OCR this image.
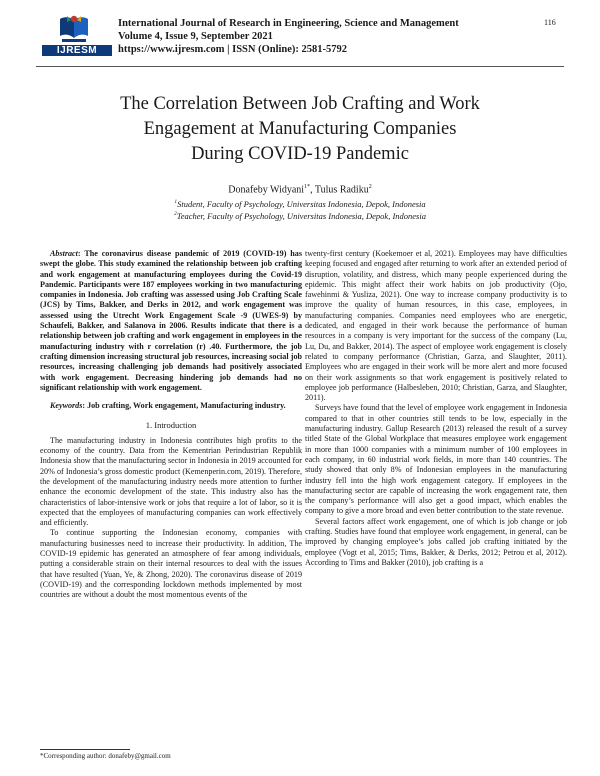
IJRESM
International Journal of Research in Engineering, Science and Management
Volume 4, Issue 9, September 2021
https://www.ijresm.com | ISSN (Online): 2581-5792
116
The Correlation Between Job Crafting and Work
Engagement at Manufacturing Companies
During COVID-19 Pandemic
Donafeby Widyani$^{1*}$, Tulus Radiku$^2$
$^1$Student, Faculty of Psychology, Universitas Indonesia, Depok, Indonesia
$^2$Teacher, Faculty of Psychology, Universitas Indonesia, Depok, Indonesia

Abstract: The coronavirus disease pandemic of 2019 (COVID-19) has swept the globe. This study examined the relationship between job crafting and work engagement at manufacturing employees during the Covid-19 Pandemic. Participants were 187 employees working in two manufacturing companies in Indonesia. Job crafting was assessed using Job Crafting Scale (JCS) by Tims, Bakker, and Derks in 2012, and work engagement was assessed using the Utrecht Work Engagement Scale -9 (UWES-9) by Schaufeli, Bakker, and Salanova in 2006. Results indicate that there is a relationship between job crafting and work engagement in employees in the manufacturing industry with r correlation (r) .40. Furthermore, the job crafting dimension increasing structural job resources, increasing social job resources, increasing challenging job demands had positively associated with work engagement. Decreasing hindering job demands had no significant relationship with work engagement.

Keywords: Job crafting, Work engagement, Manufacturing industry.

1. Introduction

The manufacturing industry in Indonesia contributes high profits to the economy of the country. Data from the Kementrian Perindustrian Republik Indonesia show that the manufacturing sector in Indonesia in 2019 accounted for 20% of Indonesia’s gross domestic product (Kemenperin.com, 2019). Therefore, the development of the manufacturing industry needs more attention to further enhance the economic development of the state. This industry also has the characteristics of labor-intensive work or jobs that require a lot of labor, so it is expected that the employees of manufacturing companies can work effectively and efficiently.

To continue supporting the Indonesian economy, companies with manufacturing businesses need to increase their productivity. In addition, The COVID-19 epidemic has generated an atmosphere of fear among individuals, putting a considerable strain on their internal resources to deal with the issues that have resulted (Yuan, Ye, & Zhong, 2020). The coronavirus disease of 2019 (COVID-19) and the corresponding lockdown methods implemented by most countries are without a doubt the most momentous events of the

twenty-first century (Koekemoer et al, 2021). Employees may have difficulties keeping focused and engaged after returning to work after an extended period of disruption, volatility, and distress, which many people experienced during the epidemic. This might affect their work habits on job productivity (Ojo, fawehinmi & Yusliza, 2021). One way to increase company productivity is to improve the quality of human resources, in this case, employees, in manufacturing companies. Companies need employees who are energetic, dedicated, and engaged in their work because the performance of human resources in a company is very important for the success of the company (Lu, Lu, Du, and Bakker, 2014). The aspect of employee work engagement is closely related to company performance (Christian, Garza, and Slaughter, 2011). Employees who are engaged in their work will be more alert and more focused on their work assignments so that work engagement is positively related to employee job performance (Halbesleben, 2010; Christian, Garza, and Slaughter, 2011).

Surveys have found that the level of employee work engagement in Indonesia compared to that in other countries still tends to be low, especially in the manufacturing industry. Gallup Research (2013) released the result of a survey titled State of the Global Workplace that measures employee work engagement in more than 1000 companies with a minimum number of 100 employees in each company, in 60 industrial work fields, in more than 140 countries. The study showed that only 8% of Indonesian employees in the manufacturing industry fell into the high work engagement category. If employees in the manufacturing sector are capable of increasing the work engagement rate, then the company’s performance will also get a good impact, which enables the company to give a more broad and even better contribution to the state revenue.

Several factors affect work engagement, one of which is job change or job crafting. Studies have found that employee work engagement, in general, can be improved by changing employee’s jobs called job crafting initiated by the employee (Vogt et al, 2015; Tims, Bakker, & Derks, 2012; Petrou et al, 2012). According to Tims and Bakker (2010), job crafting is a

*Corresponding author: donafeby@gmail.com
